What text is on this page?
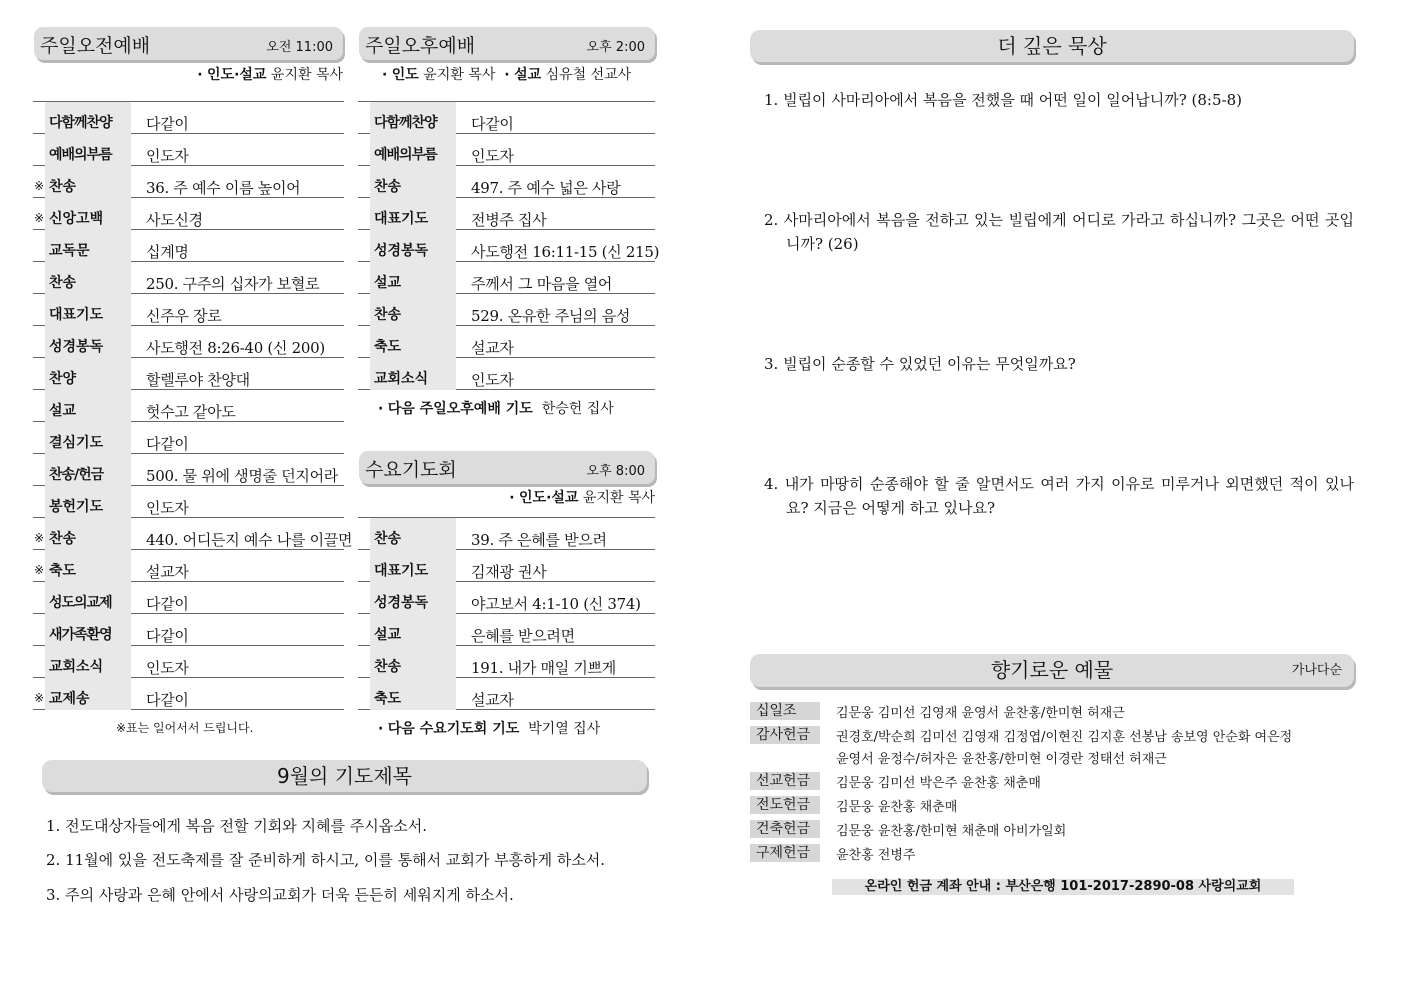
주일오전예배	오전 11:00
· 인도·설교 윤지환 목사
다함께찬양	다같이
예배의부름	인도자
※ 찬송	36. 주 예수 이름 높이어
※ 신앙고백	사도신경
교독문	십계명
찬송	250. 구주의 십자가 보혈로
대표기도	신주우 장로
성경봉독	사도행전 8:26-40 (신 200)
찬양	할렐루야 찬양대
설교	헛수고 같아도
결심기도	다같이
찬송/헌금	500. 물 위에 생명줄 던지어라
봉헌기도	인도자
※ 찬송	440. 어디든지 예수 나를 이끌면
※ 축도	설교자
성도의교제	다같이
새가족환영	다같이
교회소식	인도자
※ 교제송	다같이
※표는 일어서서 드립니다.
주일오후예배	오후 2:00
· 인도 윤지환 목사 · 설교 심유철 선교사
다함께찬양	다같이
예배의부름	인도자
찬송	497. 주 예수 넓은 사랑
대표기도	전병주 집사
성경봉독	사도행전 16:11-15 (신 215)
설교	주께서 그 마음을 열어
찬송	529. 온유한 주님의 음성
축도	설교자
교회소식	인도자
· 다음 주일오후예배 기도 한승헌 집사
수요기도회	오후 8:00
· 인도·설교 윤지환 목사
찬송	39. 주 은혜를 받으려
대표기도	김재광 권사
성경봉독	야고보서 4:1-10 (신 374)
설교	은혜를 받으려면
찬송	191. 내가 매일 기쁘게
축도	설교자
· 다음 수요기도회 기도 박기열 집사
9월의 기도제목
1. 전도대상자들에게 복음 전할 기회와 지혜를 주시옵소서.
2. 11월에 있을 전도축제를 잘 준비하게 하시고, 이를 통해서 교회가 부흥하게 하소서.
3. 주의 사랑과 은혜 안에서 사랑의교회가 더욱 든든히 세워지게 하소서.
더 깊은 묵상
1. 빌립이 사마리아에서 복음을 전했을 때 어떤 일이 일어납니까? (8:5-8)
2. 사마리아에서 복음을 전하고 있는 빌립에게 어디로 가라고 하십니까? 그곳은 어떤 곳입니까? (26)
3. 빌립이 순종할 수 있었던 이유는 무엇일까요?
4. 내가 마땅히 순종해야 할 줄 알면서도 여러 가지 이유로 미루거나 외면했던 적이 있나요? 지금은 어떻게 하고 있나요?
향기로운 예물	가나다순
십일조	김문웅 김미선 김영재 윤영서 윤찬홍/한미현 허재근
감사헌금	권경호/박순희 김미선 김영재 김정엽/이현진 김지훈 선봉남 송보영 안순화 여은정
윤영서 윤정수/허자은 윤찬홍/한미현 이경란 정태선 허재근
선교헌금	김문웅 김미선 박은주 윤찬홍 채춘매
전도헌금	김문웅 윤찬홍 채춘매
건축헌금	김문웅 윤찬홍/한미현 채춘매 아비가일회
구제헌금	윤찬홍 전병주
온라인 헌금 계좌 안내 : 부산은행 101-2017-2890-08 사랑의교회
